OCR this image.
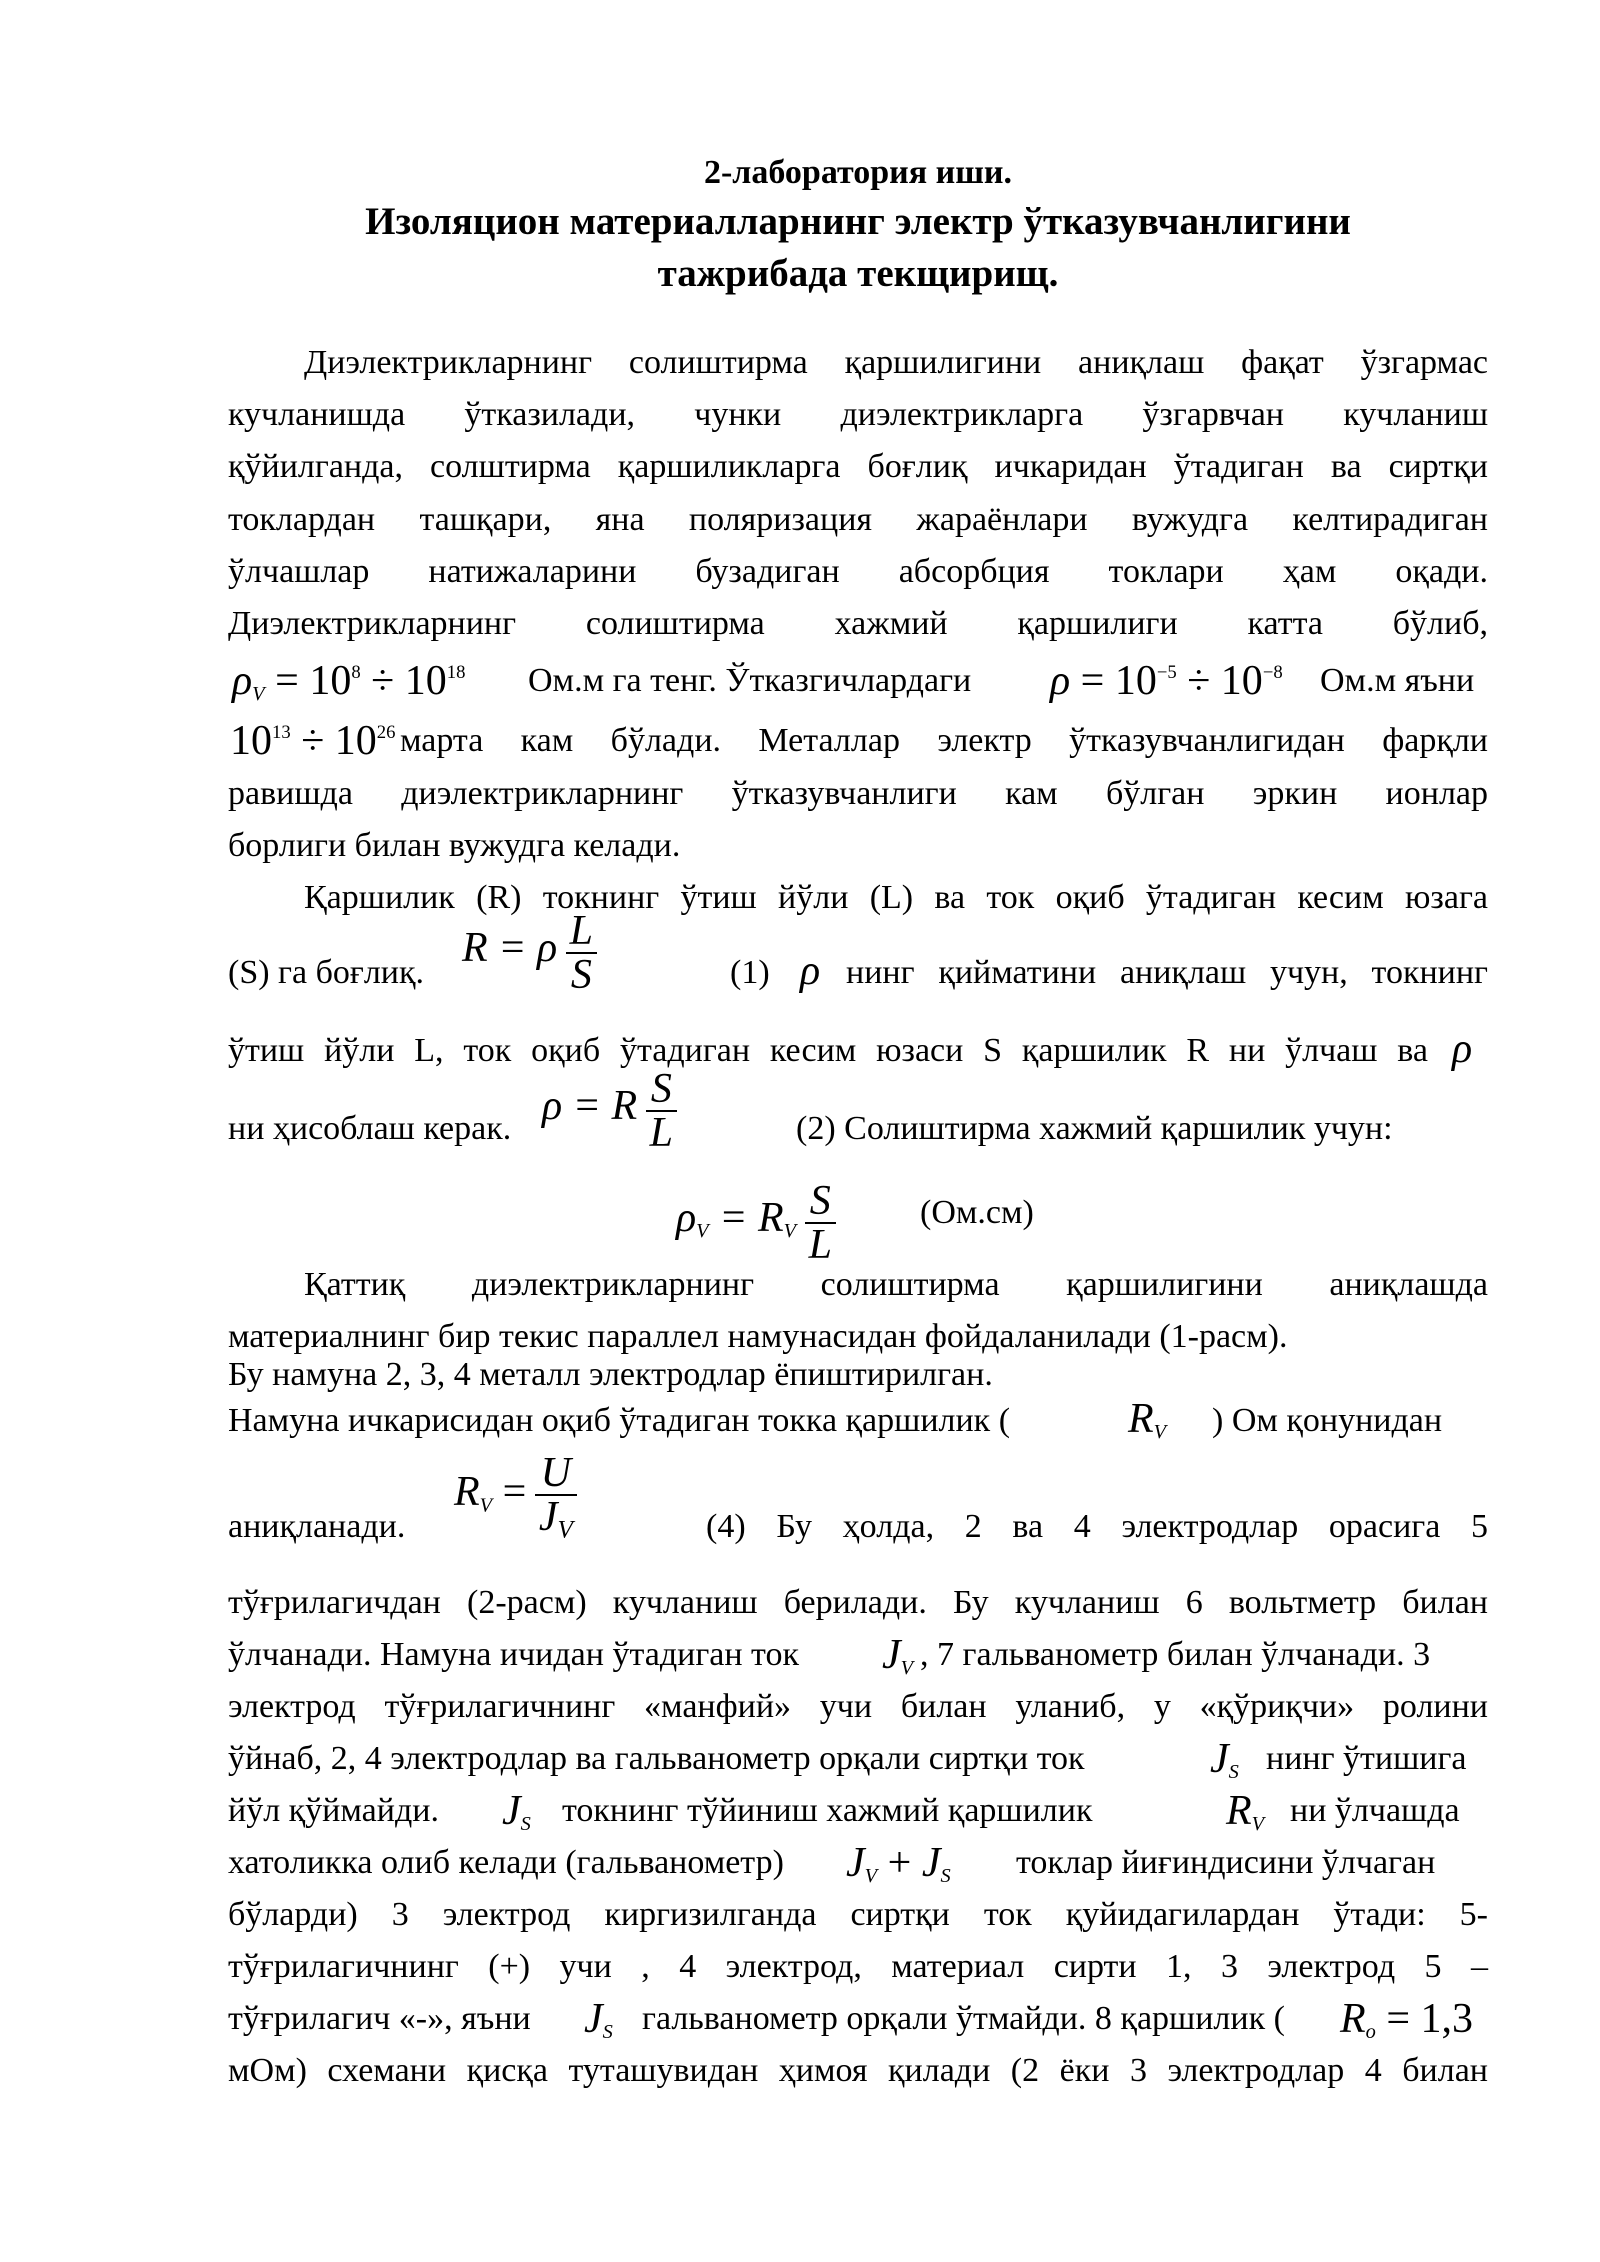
2-лаборатория иши.
Изоляцион материалларнинг электр ўтказувчанлигини
тажрибада текщирищ.
Диэлектрикларнинг солиштирма қаршилигини аниқлаш фақат ўзгармас
кучланишда ўтказилади, чунки диэлектрикларга ўзгарвчан кучланиш
қўйилганда, солштирма қаршиликларга боғлиқ ичкаридан ўтадиган ва сиртқи
токлардан ташқари, яна поляризация жараёнлари вужудга келтирадиган
ўлчашлар натижаларини бузадиган абсорбция токлари ҳам оқади.
Диэлектрикларнинг солиштирма хажмий қаршилиги катта бўлиб,
$\rho_V = 10^8 \div 10^{18}$ Ом.м га тенг. Ўтказгичлардаги $\rho = 10^{-5} \div 10^{-8}$ Ом.м яъни
$10^{13} \div 10^{26}$ марта кам бўлади. Металлар электр ўтказувчанлигидан фарқли
равишда диэлектрикларнинг ўтказувчанлиги кам бўлган эркин ионлар
борлиги билан вужудга келади.
Қаршилик (R) токнинг ўтиш йўли (L) ва ток оқиб ўтадиган кесим юзага
(S) га боғлиқ.
R = ρ $\frac{L}{S}$	(1) ρ нинг қийматини аниқлаш учун, токнинг
ўтиш йўли L, ток оқиб ўтадиган кесим юзаси S қаршилик R ни ўлчаш ва ρ
ни ҳисоблаш керак. ρ = R $\frac{S}{L}$	(2) Солиштирма хажмий қаршилик учун:
$\rho_V = R_V \frac{S}{L} (Ом.см)$
Қаттиқ диэлектрикларнинг солиштирма қаршилигини аниқлашда
материалнинг бир текис параллел намунасидан фойдаланилади (1-расм).
Бу намуна 2, 3, 4 металл электродлар ёпиштирилган.
Намуна ичкарисидан оқиб ўтадиган токка қаршилик (	$R_V$ ) Ом қонунидан
аниқланади.
$R_V = \frac{U}{J_V}$	(4) Бу ҳолда, 2 ва 4 электродлар орасига 5
тўғрилагичдан (2-расм) кучланиш берилади. Бу кучланиш 6 вольтметр билан
ўлчанади. Намуна ичидан ўтадиган ток $J_V$ , 7 гальванометр билан ўлчанади. 3
электрод тўғрилагичнинг «манфий» учи билан уланиб, у «қўриқчи» ролини
ўйнаб, 2, 4 электродлар ва гальванометр орқали сиртқи ток	$J_S$ нинг ўтишига
йўл қўймайди. $J_S$ токнинг тўйиниш хажмий қаршилик	$R_V$ ни ўлчашда
хатоликка олиб келади (гальванометр) $J_V + J_S$ токлар йиғиндисини ўлчаган
бўларди) 3 электрод киргизилганда сиртқи ток қуйидагилардан ўтади: 5-
тўғрилагичнинг (+) учи , 4 электрод, материал сирти 1, 3 электрод 5 –
тўғрилагич «-», яъни $J_S$ гальванометр орқали ўтмайди. 8 қаршилик ( $R_o = 1,3$
мОм) схемани қисқа туташувидан ҳимоя қилади (2 ёки 3 электродлар 4 билан
